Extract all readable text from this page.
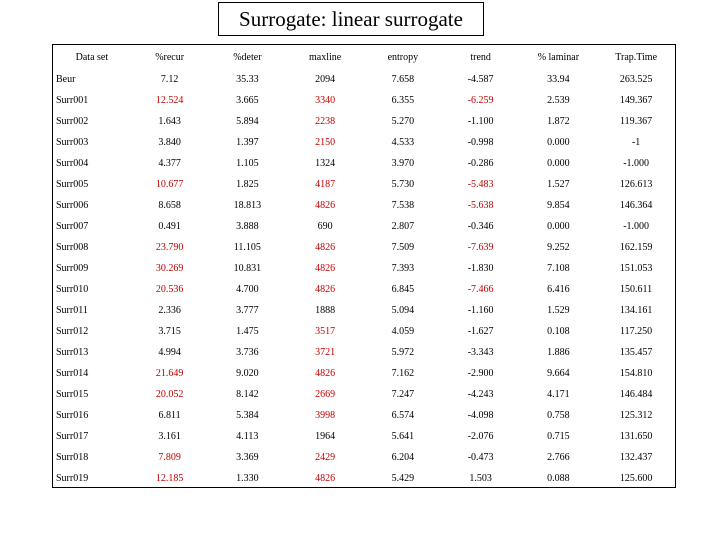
Surrogate: linear surrogate
Data set	%recur	%deter	maxline	entropy	trend	% laminar	Trap.Time
Beur	7.12	35.33	2094	7.658	-4.587	33.94	263.525
Surr001	12.524	3.665	3340	6.355	-6.259	2.539	149.367
Surr002	1.643	5.894	2238	5.270	-1.100	1.872	119.367
Surr003	3.840	1.397	2150	4.533	-0.998	0.000	-1
Surr004	4.377	1.105	1324	3.970	-0.286	0.000	-1.000
Surr005	10.677	1.825	4187	5.730	-5.483	1.527	126.613
Surr006	8.658	18.813	4826	7.538	-5.638	9.854	146.364
Surr007	0.491	3.888	690	2.807	-0.346	0.000	-1.000
Surr008	23.790	11.105	4826	7.509	-7.639	9.252	162.159
Surr009	30.269	10.831	4826	7.393	-1.830	7.108	151.053
Surr010	20.536	4.700	4826	6.845	-7.466	6.416	150.611
Surr011	2.336	3.777	1888	5.094	-1.160	1.529	134.161
Surr012	3.715	1.475	3517	4.059	-1.627	0.108	117.250
Surr013	4.994	3.736	3721	5.972	-3.343	1.886	135.457
Surr014	21.649	9.020	4826	7.162	-2.900	9.664	154.810
Surr015	20.052	8.142	2669	7.247	-4.243	4.171	146.484
Surr016	6.811	5.384	3998	6.574	-4.098	0.758	125.312
Surr017	3.161	4.113	1964	5.641	-2.076	0.715	131.650
Surr018	7.809	3.369	2429	6.204	-0.473	2.766	132.437
Surr019	12.185	1.330	4826	5.429	1.503	0.088	125.600
